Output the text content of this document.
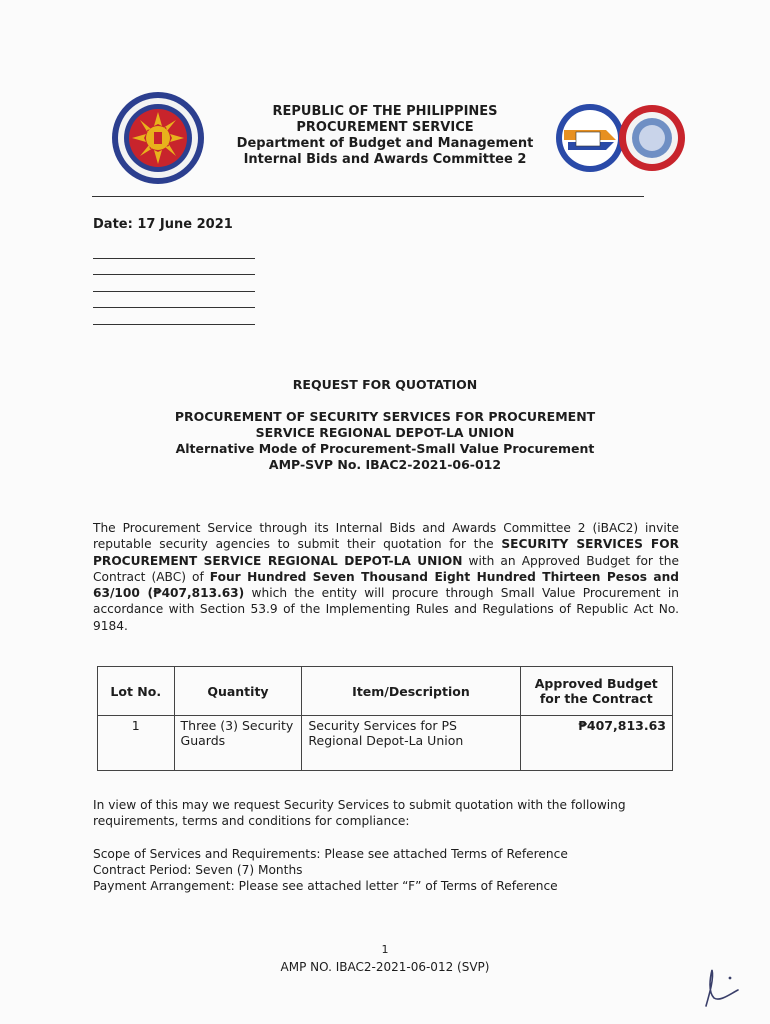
REPUBLIC OF THE PHILIPPINES
PROCUREMENT SERVICE
Department of Budget and Management
Internal Bids and Awards Committee 2
Date: 17 June 2021
REQUEST FOR QUOTATION
PROCUREMENT OF SECURITY SERVICES FOR PROCUREMENT
SERVICE REGIONAL DEPOT-LA UNION
Alternative Mode of Procurement-Small Value Procurement
AMP-SVP No. IBAC2-2021-06-012
The Procurement Service through its Internal Bids and Awards Committee 2 (iBAC2) invite reputable security agencies to submit their quotation for the SECURITY SERVICES FOR PROCUREMENT SERVICE REGIONAL DEPOT-LA UNION with an Approved Budget for the Contract (ABC) of Four Hundred Seven Thousand Eight Hundred Thirteen Pesos and 63/100 (₱407,813.63) which the entity will procure through Small Value Procurement in accordance with Section 53.9 of the Implementing Rules and Regulations of Republic Act No. 9184.
Lot No.	Quantity	Item/Description	Approved Budget
for the Contract

1	Three (3) Security Guards	Security Services for PS Regional Depot-La Union	₱407,813.63
In view of this may we request Security Services to submit quotation with the following requirements, terms and conditions for compliance:
Scope of Services and Requirements: Please see attached Terms of Reference
Contract Period: Seven (7) Months
Payment Arrangement: Please see attached letter “F” of Terms of Reference
1
AMP NO. IBAC2-2021-06-012 (SVP)
